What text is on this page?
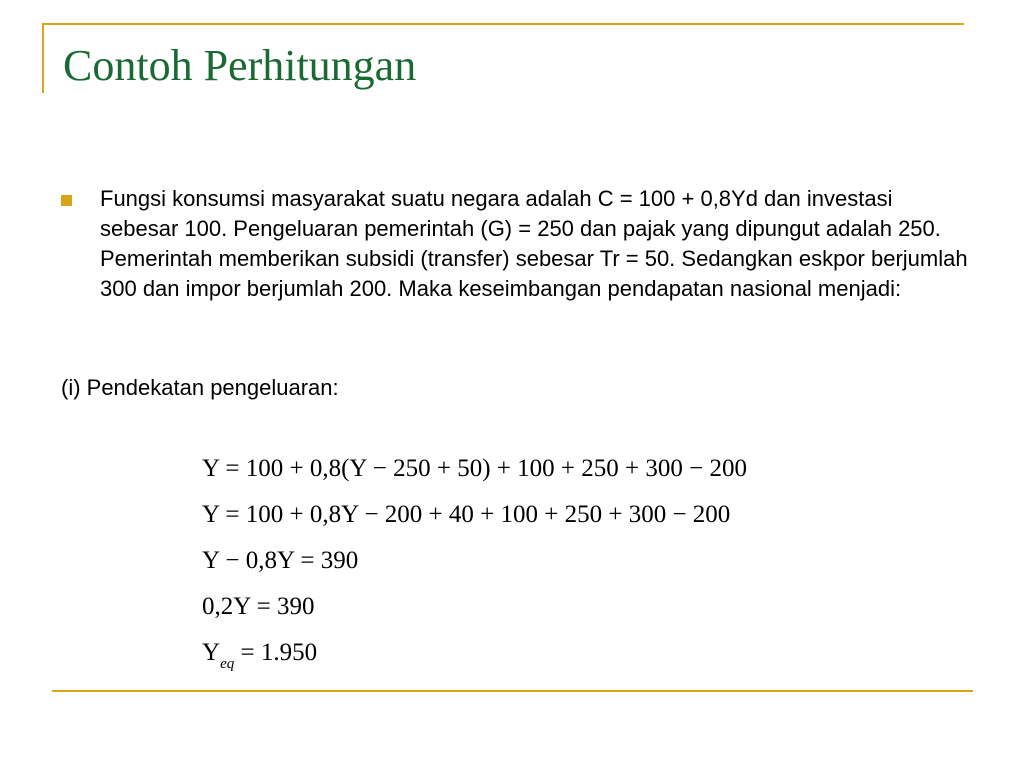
Contoh Perhitungan
Fungsi konsumsi masyarakat suatu negara adalah C = 100 + 0,8Yd dan investasi sebesar 100. Pengeluaran pemerintah (G) = 250 dan pajak yang dipungut adalah 250. Pemerintah memberikan subsidi (transfer) sebesar Tr = 50. Sedangkan eskpor berjumlah 300 dan impor berjumlah 200. Maka keseimbangan pendapatan nasional menjadi:
(i) Pendekatan pengeluaran:
Y = 100 + 0,8(Y − 250 + 50) + 100 + 250 + 300 − 200
Y = 100 + 0,8Y − 200 + 40 + 100 + 250 + 300 − 200
Y − 0,8Y = 390
0,2Y = 390
$Y_{eq} = 1.950$
